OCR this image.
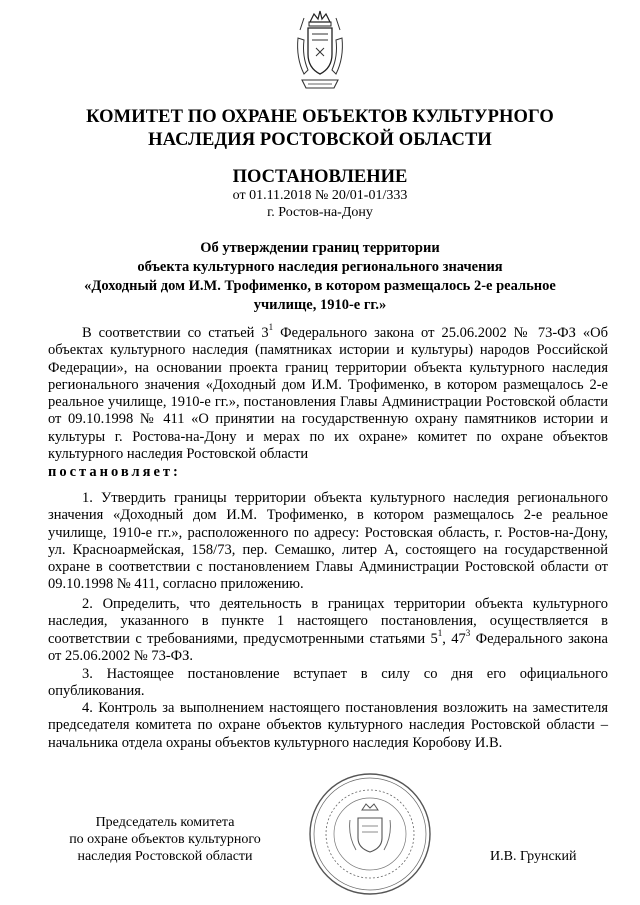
КОМИТЕТ ПО ОХРАНЕ ОБЪЕКТОВ КУЛЬТУРНОГО
НАСЛЕДИЯ РОСТОВСКОЙ ОБЛАСТИ
ПОСТАНОВЛЕНИЕ
от 01.11.2018 № 20/01-01/333
г. Ростов-на-Дону
Об утверждении границ территории
объекта культурного наследия регионального значения
«Доходный дом И.М. Трофименко, в котором размещалось 2-е реальное
училище, 1910-е гг.»

В соответствии со статьей $3^1$ Федерального закона от 25.06.2002 № 73-ФЗ «Об объектах культурного наследия (памятниках истории и культуры) народов Российской Федерации», на основании проекта границ территории объекта культурного наследия регионального значения «Доходный дом И.М. Трофименко, в котором размещалось 2-е реальное училище, 1910-е гг.», постановления Главы Администрации Ростовской области от 09.10.1998 № 411 «О принятии на государственную охрану памятников истории и культуры г. Ростова-на-Дону и мерах по их охране» комитет по охране объектов культурного наследия Ростовской области

постановляет:

1. Утвердить границы территории объекта культурного наследия регионального значения «Доходный дом И.М. Трофименко, в котором размещалось 2-е реальное училище, 1910-е гг.», расположенного по адресу: Ростовская область, г. Ростов-на-Дону, ул. Красноармейская, 158/73, пер. Семашко, литер А, состоящего на государственной охране в соответствии с постановлением Главы Администрации Ростовской области от 09.10.1998 № 411, согласно приложению.

2. Определить, что деятельность в границах территории объекта культурного наследия, указанного в пункте 1 настоящего постановления, осуществляется в соответствии с требованиями, предусмотренными статьями $5^1$, $47^3$ Федерального закона от 25.06.2002 № 73-ФЗ.

3. Настоящее постановление вступает в силу со дня его официального опубликования.

4. Контроль за выполнением настоящего постановления возложить на заместителя председателя комитета по охране объектов культурного наследия Ростовской области – начальника отдела охраны объектов культурного наследия Коробову И.В.

Председатель комитета
по охране объектов культурного
наследия Ростовской области	И.В. Грунский
